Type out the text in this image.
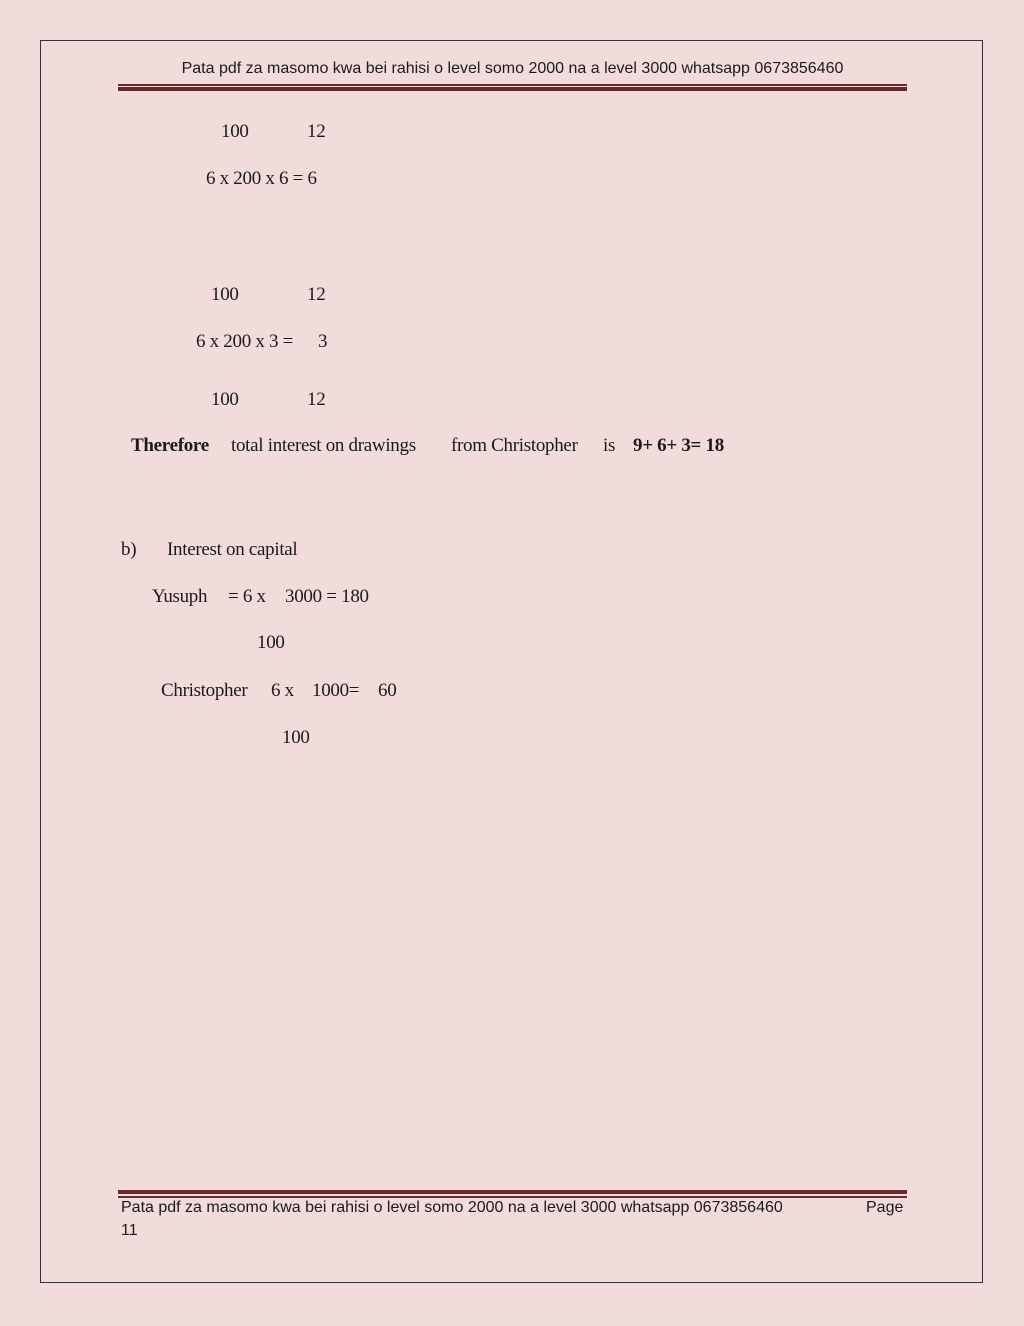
Pata pdf za masomo kwa bei rahisi o level somo 2000 na a level 3000 whatsapp 0673856460
100	12
6 x 200 x 6 = 6
100	12
6 x 200 x 3 = 3
100	12
Therefore total interest on drawings from Christopher is 9+ 6+ 3= 18
b) Interest on capital
Yusuph = 6 x 3000 = 180
100
Christopher 6 x 1000= 60
100
Pata pdf za masomo kwa bei rahisi o level somo 2000 na a level 3000 whatsapp 0673856460	Page
11
